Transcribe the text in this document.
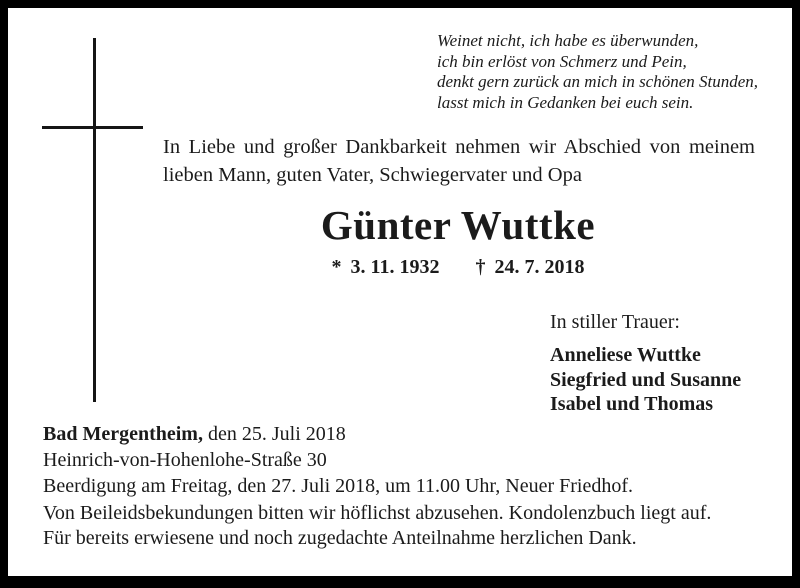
Weinet nicht, ich habe es überwunden,
ich bin erlöst von Schmerz und Pein,
denkt gern zurück an mich in schönen Stunden,
lasst mich in Gedanken bei euch sein.
In Liebe und großer Dankbarkeit nehmen wir Abschied von meinem lieben Mann, guten Vater, Schwiegervater und Opa
Günter Wuttke
* 3. 11. 1932 † 24. 7. 2018
In stiller Trauer:
Anneliese Wuttke
Siegfried und Susanne
Isabel und Thomas
Bad Mergentheim, den 25. Juli 2018
Heinrich-von-Hohenlohe-Straße 30
Beerdigung am Freitag, den 27. Juli 2018, um 11.00 Uhr, Neuer Friedhof.
Von Beileidsbekundungen bitten wir höflichst abzusehen. Kondolenzbuch liegt auf.
Für bereits erwiesene und noch zugedachte Anteilnahme herzlichen Dank.
